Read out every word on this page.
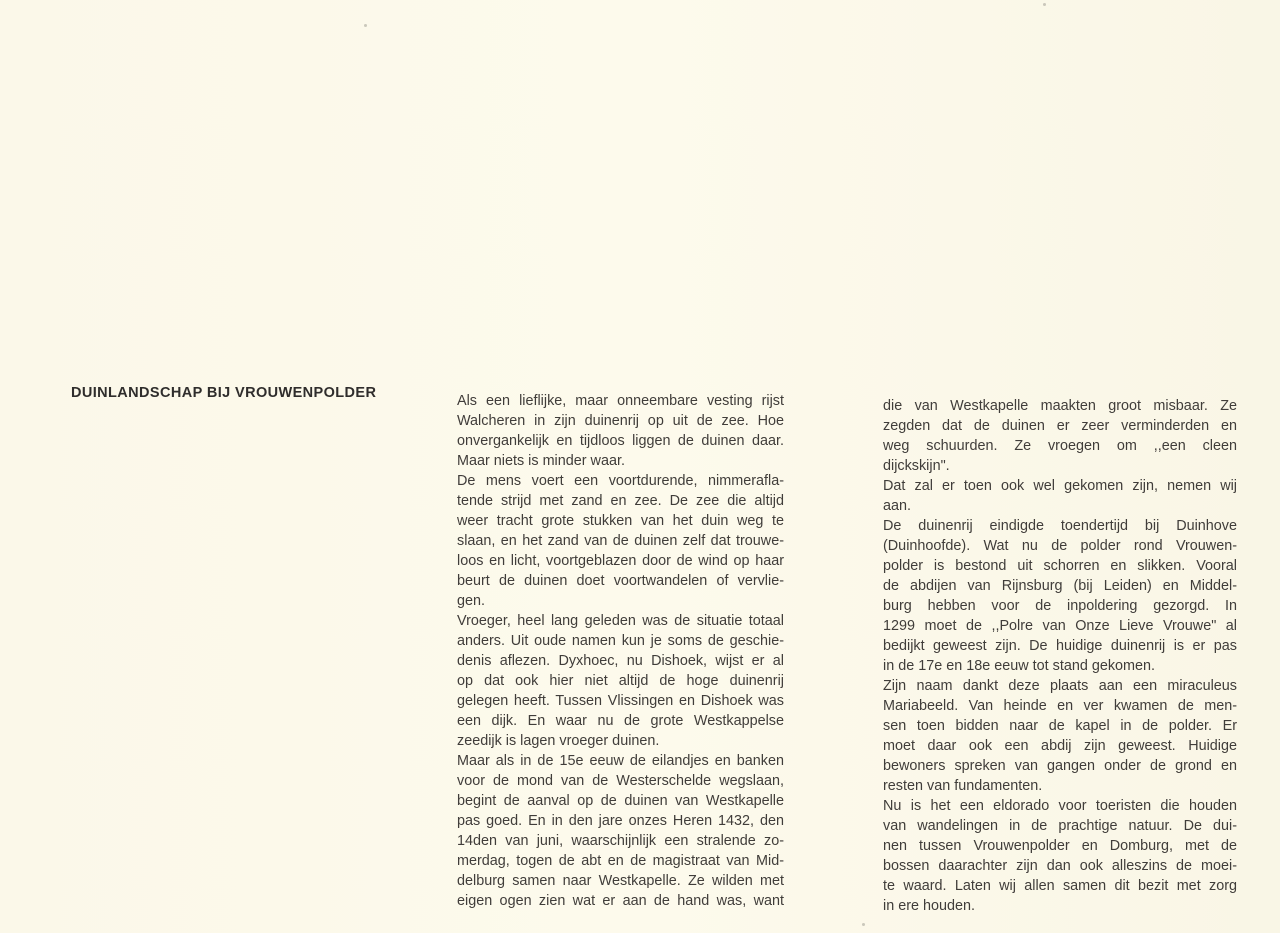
DUINLANDSCHAP BIJ VROUWENPOLDER	Als een lieflijke, maar onneembare vesting rijst
Walcheren in zijn duinenrij op uit de zee. Hoe
onvergankelijk en tijdloos liggen de duinen daar.
Maar niets is minder waar.
De mens voert een voortdurende, nimmerafla-
tende strijd met zand en zee. De zee die altijd
weer tracht grote stukken van het duin weg te
slaan, en het zand van de duinen zelf dat trouwe-
loos en licht, voortgeblazen door de wind op haar
beurt de duinen doet voortwandelen of vervlie-
gen.
Vroeger, heel lang geleden was de situatie totaal
anders. Uit oude namen kun je soms de geschie-
denis aflezen. Dyxhoec, nu Dishoek, wijst er al
op dat ook hier niet altijd de hoge duinenrij
gelegen heeft. Tussen Vlissingen en Dishoek was
een dijk. En waar nu de grote Westkappelse
zeedijk is lagen vroeger duinen.
Maar als in de 15e eeuw de eilandjes en banken
voor de mond van de Westerschelde wegslaan,
begint de aanval op de duinen van Westkapelle
pas goed. En in den jare onzes Heren 1432, den
14den van juni, waarschijnlijk een stralende zo-
merdag, togen de abt en de magistraat van Mid-
delburg samen naar Westkapelle. Ze wilden met
eigen ogen zien wat er aan de hand was, want
die van Westkapelle maakten groot misbaar. Ze
zegden dat de duinen er zeer verminderden en
weg schuurden. Ze vroegen om ,,een cleen
dijckskijn".
Dat zal er toen ook wel gekomen zijn, nemen wij
aan.
De duinenrij eindigde toendertijd bij Duinhove
(Duinhoofde). Wat nu de polder rond Vrouwen-
polder is bestond uit schorren en slikken. Vooral
de abdijen van Rijnsburg (bij Leiden) en Middel-
burg hebben voor de inpoldering gezorgd. In
1299 moet de ,,Polre van Onze Lieve Vrouwe" al
bedijkt geweest zijn. De huidige duinenrij is er pas
in de 17e en 18e eeuw tot stand gekomen.
Zijn naam dankt deze plaats aan een miraculeus
Mariabeeld. Van heinde en ver kwamen de men-
sen toen bidden naar de kapel in de polder. Er
moet daar ook een abdij zijn geweest. Huidige
bewoners spreken van gangen onder de grond en
resten van fundamenten.
Nu is het een eldorado voor toeristen die houden
van wandelingen in de prachtige natuur. De dui-
nen tussen Vrouwenpolder en Domburg, met de
bossen daarachter zijn dan ook alleszins de moei-
te waard. Laten wij allen samen dit bezit met zorg
in ere houden.
